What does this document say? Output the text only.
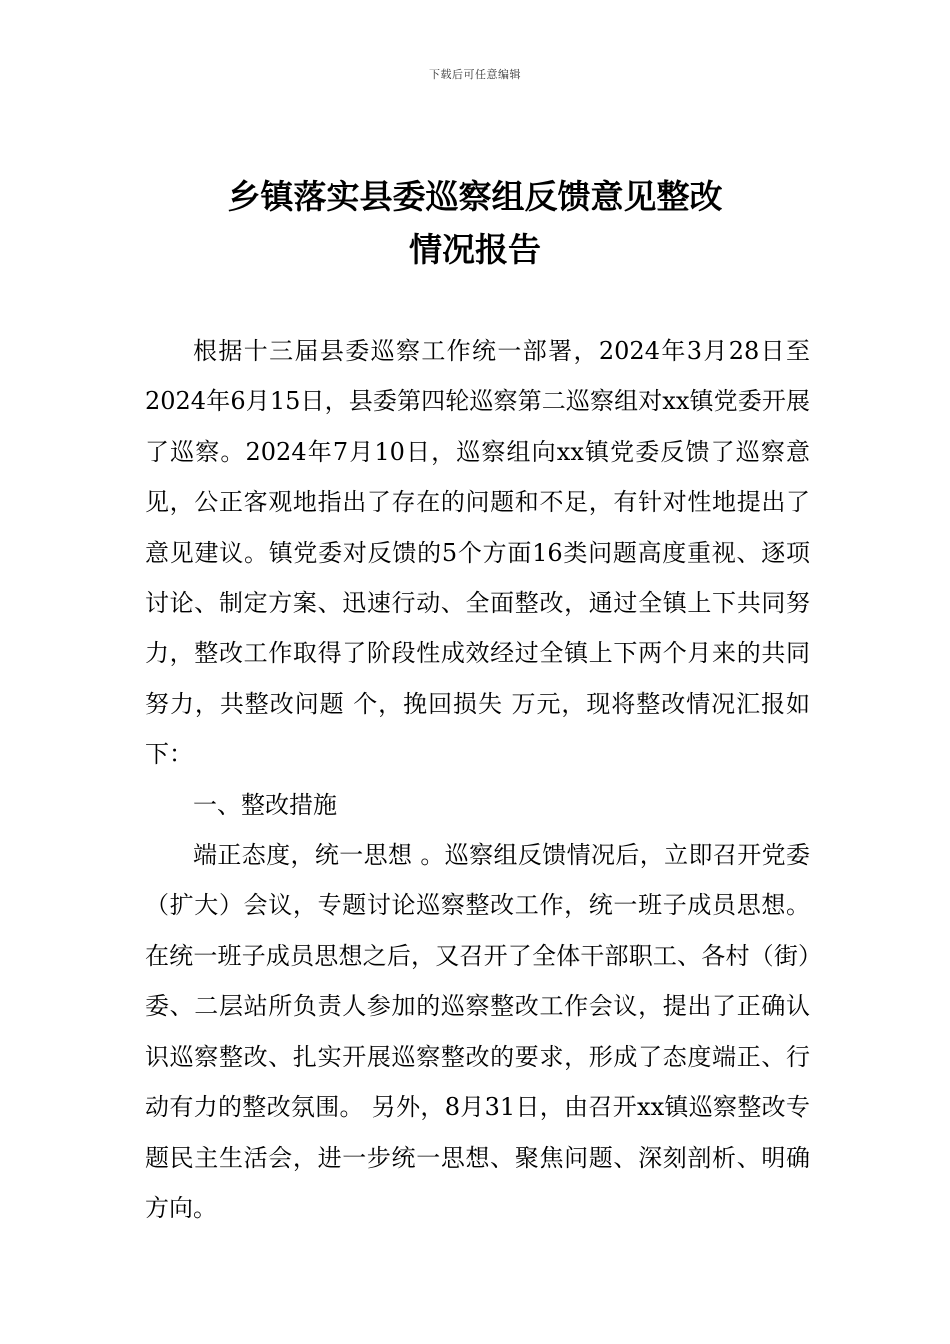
下载后可任意编辑
乡镇落实县委巡察组反馈意见整改
情况报告

根据十三届县委巡察工作统一部署，2024年3月28日至2024年6月15日，县委第四轮巡察第二巡察组对xx镇党委开展了巡察。2024年7月10日，巡察组向xx镇党委反馈了巡察意见，公正客观地指出了存在的问题和不足，有针对性地提出了意见建议。镇党委对反馈的5个方面16类问题高度重视、逐项讨论、制定方案、迅速行动、全面整改，通过全镇上下共同努力，整改工作取得了阶段性成效经过全镇上下两个月来的共同努力，共整改问题 个，挽回损失 万元，现将整改情况汇报如下：

一、整改措施

端正态度，统一思想 。巡察组反馈情况后，立即召开党委（扩大）会议，专题讨论巡察整改工作，统一班子成员思想。在统一班子成员思想之后，又召开了全体干部职工、各村（街）委、二层站所负责人参加的巡察整改工作会议，提出了正确认识巡察整改、扎实开展巡察整改的要求，形成了态度端正、行动有力的整改氛围。 另外，8月31日，由召开xx镇巡察整改专题民主生活会，进一步统一思想、聚焦问题、深刻剖析、明确方向。
